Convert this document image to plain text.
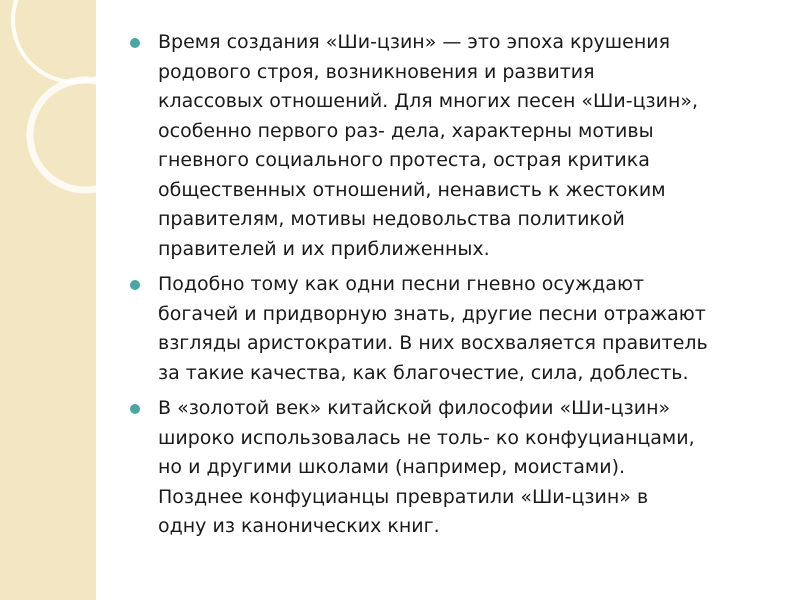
Время создания «Ши-цзин» — это эпоха крушения
родового строя, возникновения и развития
классовых отношений. Для многих песен «Ши-цзин»,
особенно первого раз- дела, характерны мотивы
гневного социального протеста, острая критика
общественных отношений, ненависть к жестоким
правителям, мотивы недовольства политикой
правителей и их приближенных.
Подобно тому как одни песни гневно осуждают
богачей и придворную знать, другие песни отражают
взгляды аристократии. В них восхваляется правитель
за такие качества, как благочестие, сила, доблесть.
В «золотой век» китайской философии «Ши-цзин»
широко использовалась не толь- ко конфуцианцами,
но и другими школами (например, моистами).
Позднее конфуцианцы превратили «Ши-цзин» в
одну из канонических книг.
